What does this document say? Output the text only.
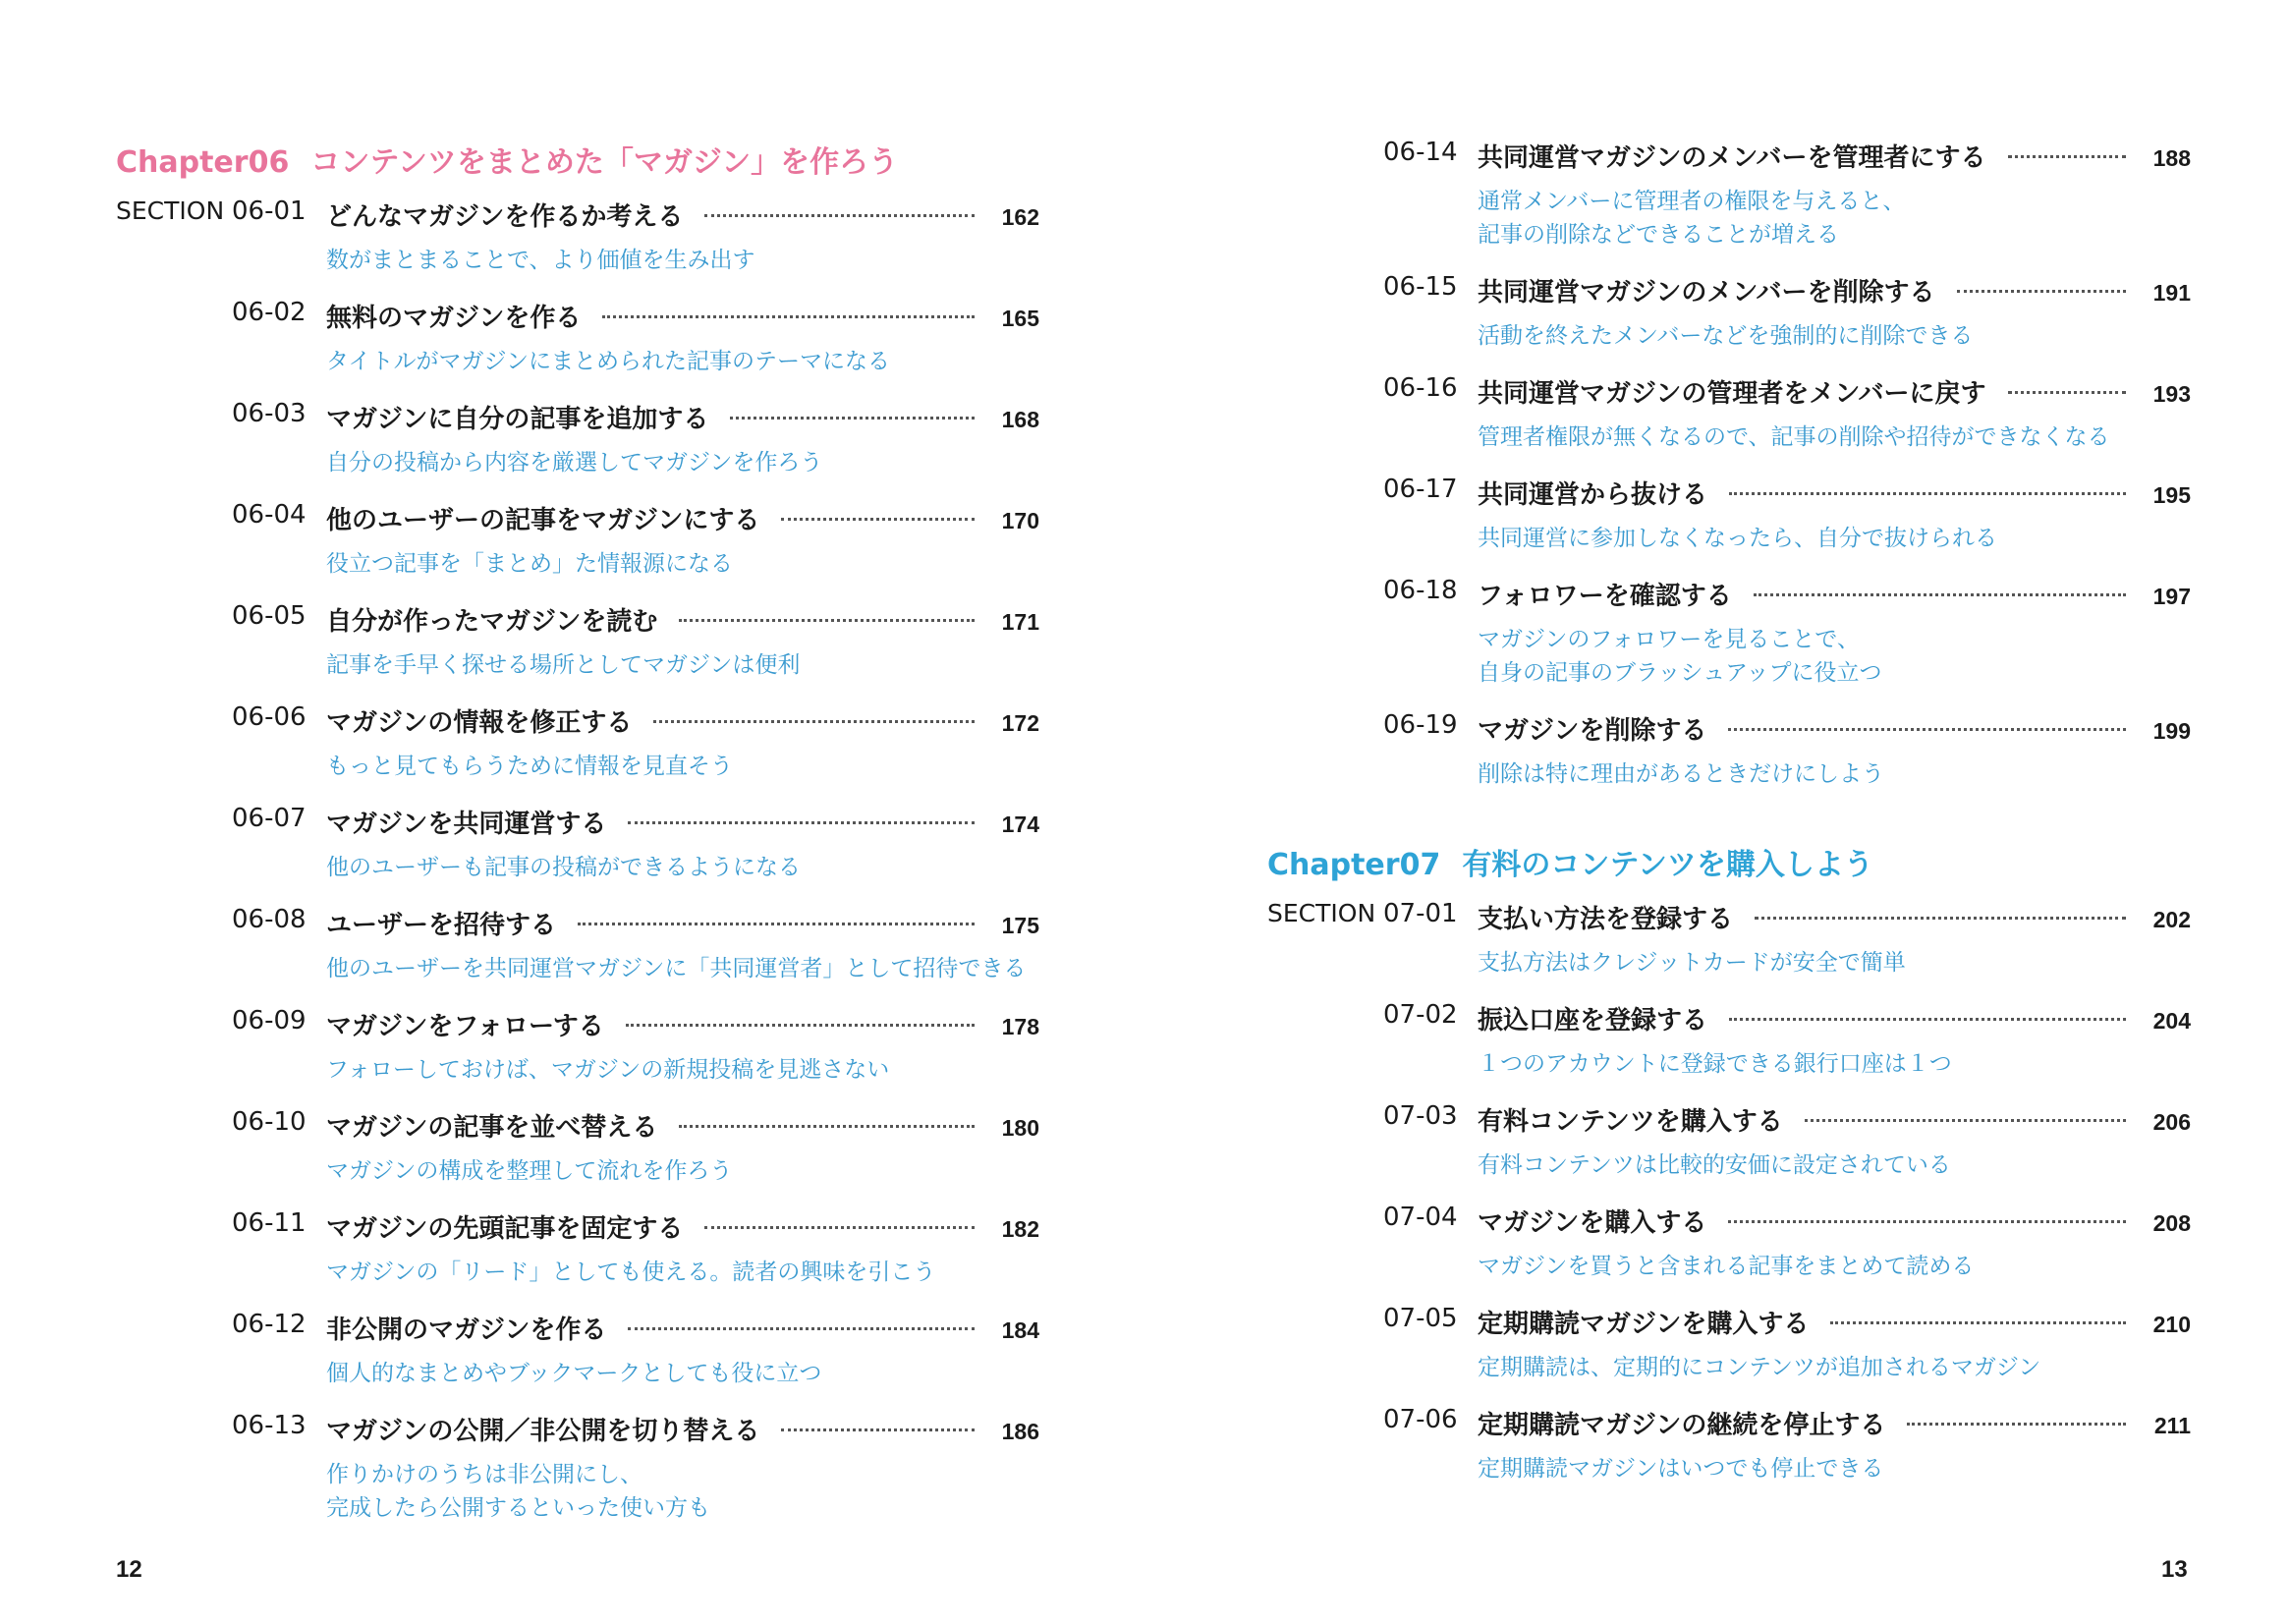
Chapter06 コンテンツをまとめた「マガジン」を作ろう
SECTION 06-01 どんなマガジンを作るか考える	162
数がまとまることで、より価値を生み出す
06-02 無料のマガジンを作る	165
タイトルがマガジンにまとめられた記事のテーマになる
06-03 マガジンに自分の記事を追加する	168
自分の投稿から内容を厳選してマガジンを作ろう
06-04 他のユーザーの記事をマガジンにする	170
役立つ記事を「まとめ」た情報源になる
06-05 自分が作ったマガジンを読む	171
記事を手早く探せる場所としてマガジンは便利
06-06 マガジンの情報を修正する	172
もっと見てもらうために情報を見直そう
06-07 マガジンを共同運営する	174
他のユーザーも記事の投稿ができるようになる
06-08 ユーザーを招待する	175
他のユーザーを共同運営マガジンに「共同運営者」として招待できる
06-09 マガジンをフォローする	178
フォローしておけば、マガジンの新規投稿を見逃さない
06-10 マガジンの記事を並べ替える	180
マガジンの構成を整理して流れを作ろう
06-11 マガジンの先頭記事を固定する	182
マガジンの「リード」としても使える。読者の興味を引こう
06-12 非公開のマガジンを作る	184
個人的なまとめやブックマークとしても役に立つ
06-13 マガジンの公開／非公開を切り替える	186
作りかけのうちは非公開にし、
完成したら公開するといった使い方も
Chapter07 有料のコンテンツを購入しよう
06-14 共同運営マガジンのメンバーを管理者にする	188
通常メンバーに管理者の権限を与えると、
記事の削除などできることが増える
06-15 共同運営マガジンのメンバーを削除する	191
活動を終えたメンバーなどを強制的に削除できる
06-16 共同運営マガジンの管理者をメンバーに戻す	193
管理者権限が無くなるので、記事の削除や招待ができなくなる
06-17 共同運営から抜ける	195
共同運営に参加しなくなったら、自分で抜けられる
06-18 フォロワーを確認する	197
マガジンのフォロワーを見ることで、
自身の記事のブラッシュアップに役立つ
06-19 マガジンを削除する	199
削除は特に理由があるときだけにしよう
SECTION 07-01 支払い方法を登録する	202
支払方法はクレジットカードが安全で簡単
07-02 振込口座を登録する	204
１つのアカウントに登録できる銀行口座は１つ
07-03 有料コンテンツを購入する	206
有料コンテンツは比較的安価に設定されている
07-04 マガジンを購入する	208
マガジンを買うと含まれる記事をまとめて読める
07-05 定期購読マガジンを購入する	210
定期購読は、定期的にコンテンツが追加されるマガジン
07-06 定期購読マガジンの継続を停止する	211
定期購読マガジンはいつでも停止できる
12	13
